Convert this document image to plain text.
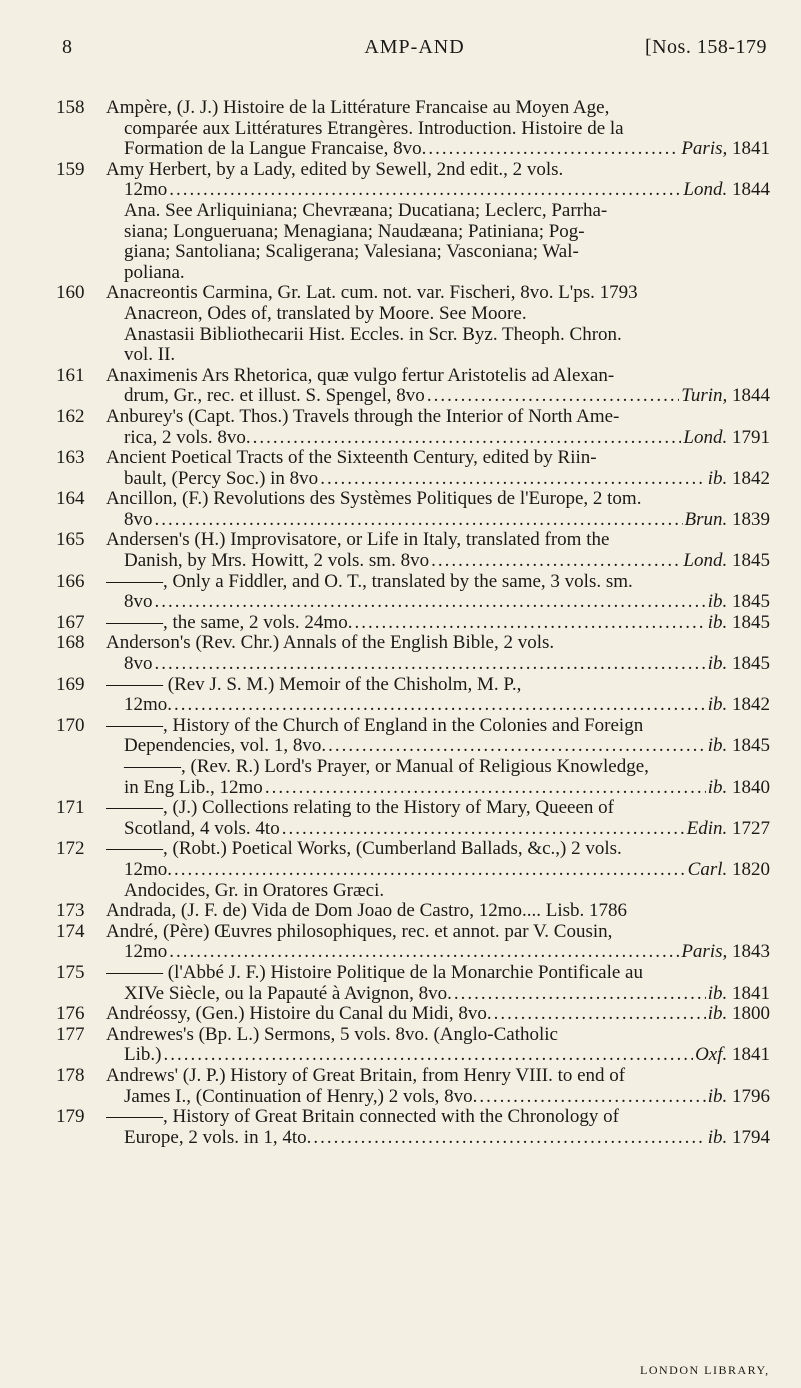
8	AMP-AND	[Nos. 158-179
158	Ampère, (J. J.) Histoire de la Littérature Francaise au Moyen Age,
comparée aux Littératures Etrangères. Introduction. Histoire de la
Formation de la Langue Francaise, 8vo. .....	Paris, 1841
159	Amy Herbert, by a Lady, edited by Sewell, 2nd edit., 2 vols.
12mo .....	Lond. 1844
Ana. See Arliquiniana; Chevræana; Ducatiana; Leclerc, Parrha-
siana; Longueruana; Menagiana; Naudæana; Patiniana; Pog-
giana; Santoliana; Scaligerana; Valesiana; Vasconiana; Wal-
poliana.
160	Anacreontis Carmina, Gr. Lat. cum. not. var. Fischeri, 8vo. L'ps. 1793
Anacreon, Odes of, translated by Moore. See Moore.
Anastasii Bibliothecarii Hist. Eccles. in Scr. Byz. Theoph. Chron.
vol. II.
161	Anaximenis Ars Rhetorica, quæ vulgo fertur Aristotelis ad Alexan-
drum, Gr., rec. et illust. S. Spengel, 8vo .....	Turin, 1844
162	Anburey's (Capt. Thos.) Travels through the Interior of North Ame-
rica, 2 vols. 8vo. .....	Lond. 1791
163	Ancient Poetical Tracts of the Sixteenth Century, edited by Riin-
bault, (Percy Soc.) in 8vo .....	ib. 1842
164	Ancillon, (F.) Revolutions des Systèmes Politiques de l'Europe, 2 tom.
8vo .....	Brun. 1839
165	Andersen's (H.) Improvisatore, or Life in Italy, translated from the
Danish, by Mrs. Howitt, 2 vols. sm. 8vo .....	Lond. 1845
166	———, Only a Fiddler, and O. T., translated by the same, 3 vols. sm.
8vo .....	ib. 1845
167	———, the same, 2 vols. 24mo. .....	ib. 1845
168	Anderson's (Rev. Chr.) Annals of the English Bible, 2 vols.
8vo .....	ib. 1845
169	——— (Rev J. S. M.) Memoir of the Chisholm, M. P.,
12mo. .....	ib. 1842
170	———, History of the Church of England in the Colonies and Foreign
Dependencies, vol. 1, 8vo. .....	ib. 1845
———, (Rev. R.) Lord's Prayer, or Manual of Religious Knowledge,
in Eng Lib., 12mo .....	ib. 1840
171	———, (J.) Collections relating to the History of Mary, Queeen of
Scotland, 4 vols. 4to .....	Edin. 1727
172	———, (Robt.) Poetical Works, (Cumberland Ballads, &c.,) 2 vols.
12mo. .....	Carl. 1820
Andocides, Gr. in Oratores Græci.
173	Andrada, (J. F. de) Vida de Dom Joao de Castro, 12mo.... Lisb. 1786
174	André, (Père) Œuvres philosophiques, rec. et annot. par V. Cousin,
12mo .....	Paris, 1843
175	——— (l'Abbé J. F.) Histoire Politique de la Monarchie Pontificale au
XIVe Siècle, ou la Papauté à Avignon, 8vo. .....	ib. 1841
176	Andréossy, (Gen.) Histoire du Canal du Midi, 8vo. .....	ib. 1800
177	Andrewes's (Bp. L.) Sermons, 5 vols. 8vo. (Anglo-Catholic
Lib.) .....	Oxf. 1841
178	Andrews' (J. P.) History of Great Britain, from Henry VIII. to end of
James I., (Continuation of Henry,) 2 vols, 8vo. .....	ib. 1796
179	———, History of Great Britain connected with the Chronology of
Europe, 2 vols. in 1, 4to. .....	ib. 1794
LONDON LIBRARY,
